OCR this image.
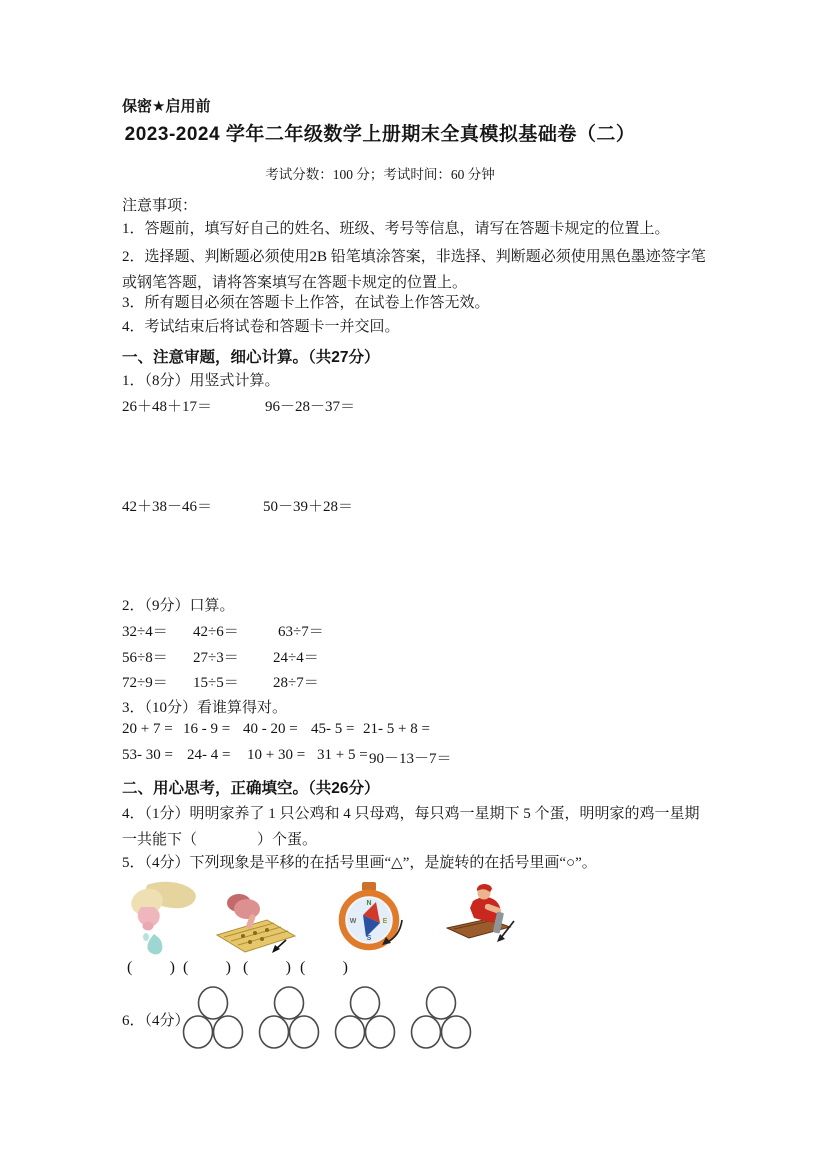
保密★启用前
2023-2024 学年二年级数学上册期末全真模拟基础卷（二）
考试分数：100 分；考试时间：60 分钟
注意事项：
1．答题前，填写好自己的姓名、班级、考号等信息，请写在答题卡规定的位置上。
2．选择题、判断题必须使用2B 铅笔填涂答案，非选择、判断题必须使用黑色墨迹签字笔
或钢笔答题，请将答案填写在答题卡规定的位置上。
3．所有题目必须在答题卡上作答，在试卷上作答无效。
4．考试结束后将试卷和答题卡一并交回。
一、注意审题，细心计算。（共27分）
1．（8分）用竖式计算。
26＋48＋17＝	96－28－37＝
42＋38－46＝	50－39＋28＝
2．（9分）口算。
32÷4＝ 42÷6＝	63÷7＝
56÷8＝ 27÷3＝ 24÷4＝
72÷9＝ 15÷5＝ 28÷7＝
3．（10分）看谁算得对。
20 + 7 = 16 - 9 = 40 - 20 = 45- 5 = 21- 5 + 8 =
53- 30 = 24- 4 = 10 + 30 = 31 + 5 = 90－13－7＝
二、用心思考，正确填空。（共26分）
4．（1分）明明家养了 1 只公鸡和 4 只母鸡，每只鸡一星期下 5 个蛋，明明家的鸡一星期
一共能下（　　　　）个蛋。
5．（4分）下列现象是平移的在括号里画“△”，是旋转的在括号里画“○”。
N
E
S
W
( ) ( ) ( ) ( )
6．（4分）
